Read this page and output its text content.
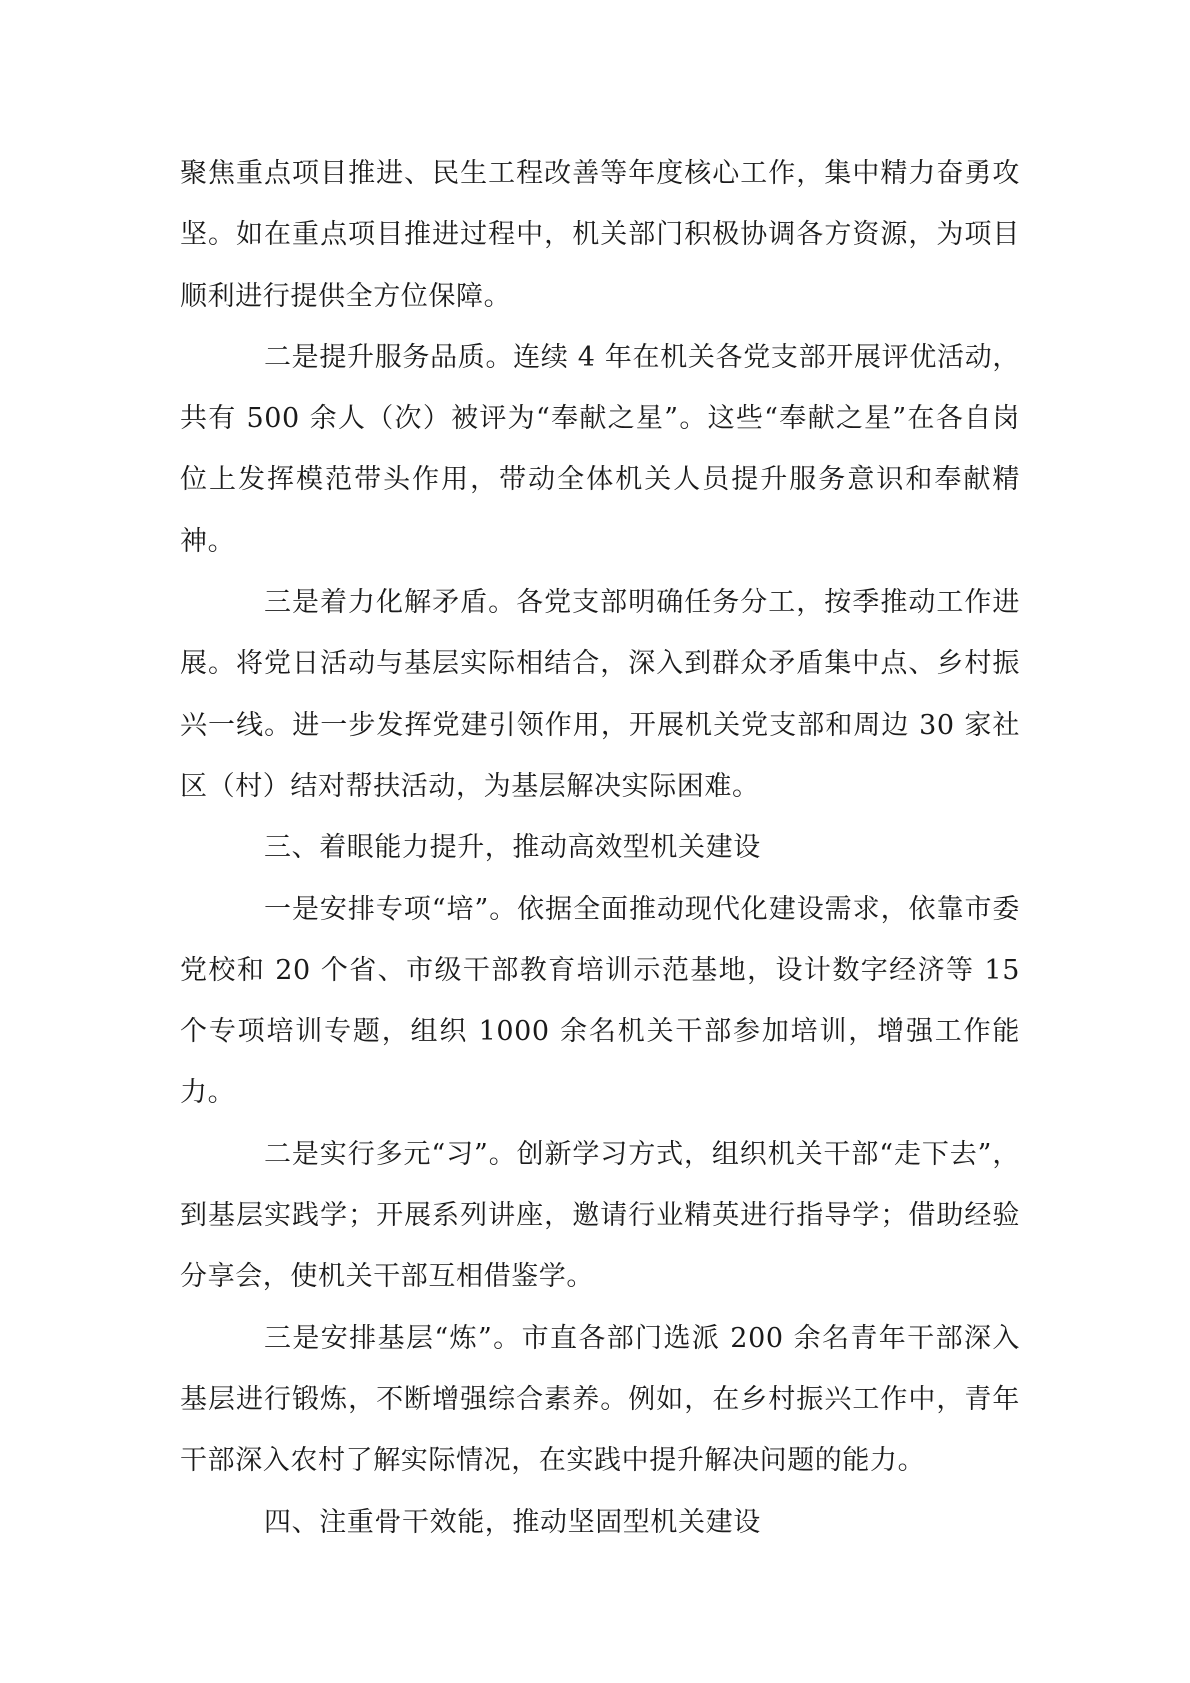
聚焦重点项目推进、民生工程改善等年度核心工作，集中精力奋勇攻坚。如在重点项目推进过程中，机关部门积极协调各方资源，为项目顺利进行提供全方位保障。

二是提升服务品质。连续 4 年在机关各党支部开展评优活动，共有 500 余人（次）被评为“奉献之星”。这些“奉献之星”在各自岗位上发挥模范带头作用，带动全体机关人员提升服务意识和奉献精神。

三是着力化解矛盾。各党支部明确任务分工，按季推动工作进展。将党日活动与基层实际相结合，深入到群众矛盾集中点、乡村振兴一线。进一步发挥党建引领作用，开展机关党支部和周边 30 家社区（村）结对帮扶活动，为基层解决实际困难。

三、着眼能力提升，推动高效型机关建设

一是安排专项“培”。依据全面推动现代化建设需求，依靠市委党校和 20 个省、市级干部教育培训示范基地，设计数字经济等 15 个专项培训专题，组织 1000 余名机关干部参加培训，增强工作能力。

二是实行多元“习”。创新学习方式，组织机关干部“走下去”，到基层实践学；开展系列讲座，邀请行业精英进行指导学；借助经验分享会，使机关干部互相借鉴学。

三是安排基层“炼”。市直各部门选派 200 余名青年干部深入基层进行锻炼，不断增强综合素养。例如，在乡村振兴工作中，青年干部深入农村了解实际情况，在实践中提升解决问题的能力。

四、注重骨干效能，推动坚固型机关建设
